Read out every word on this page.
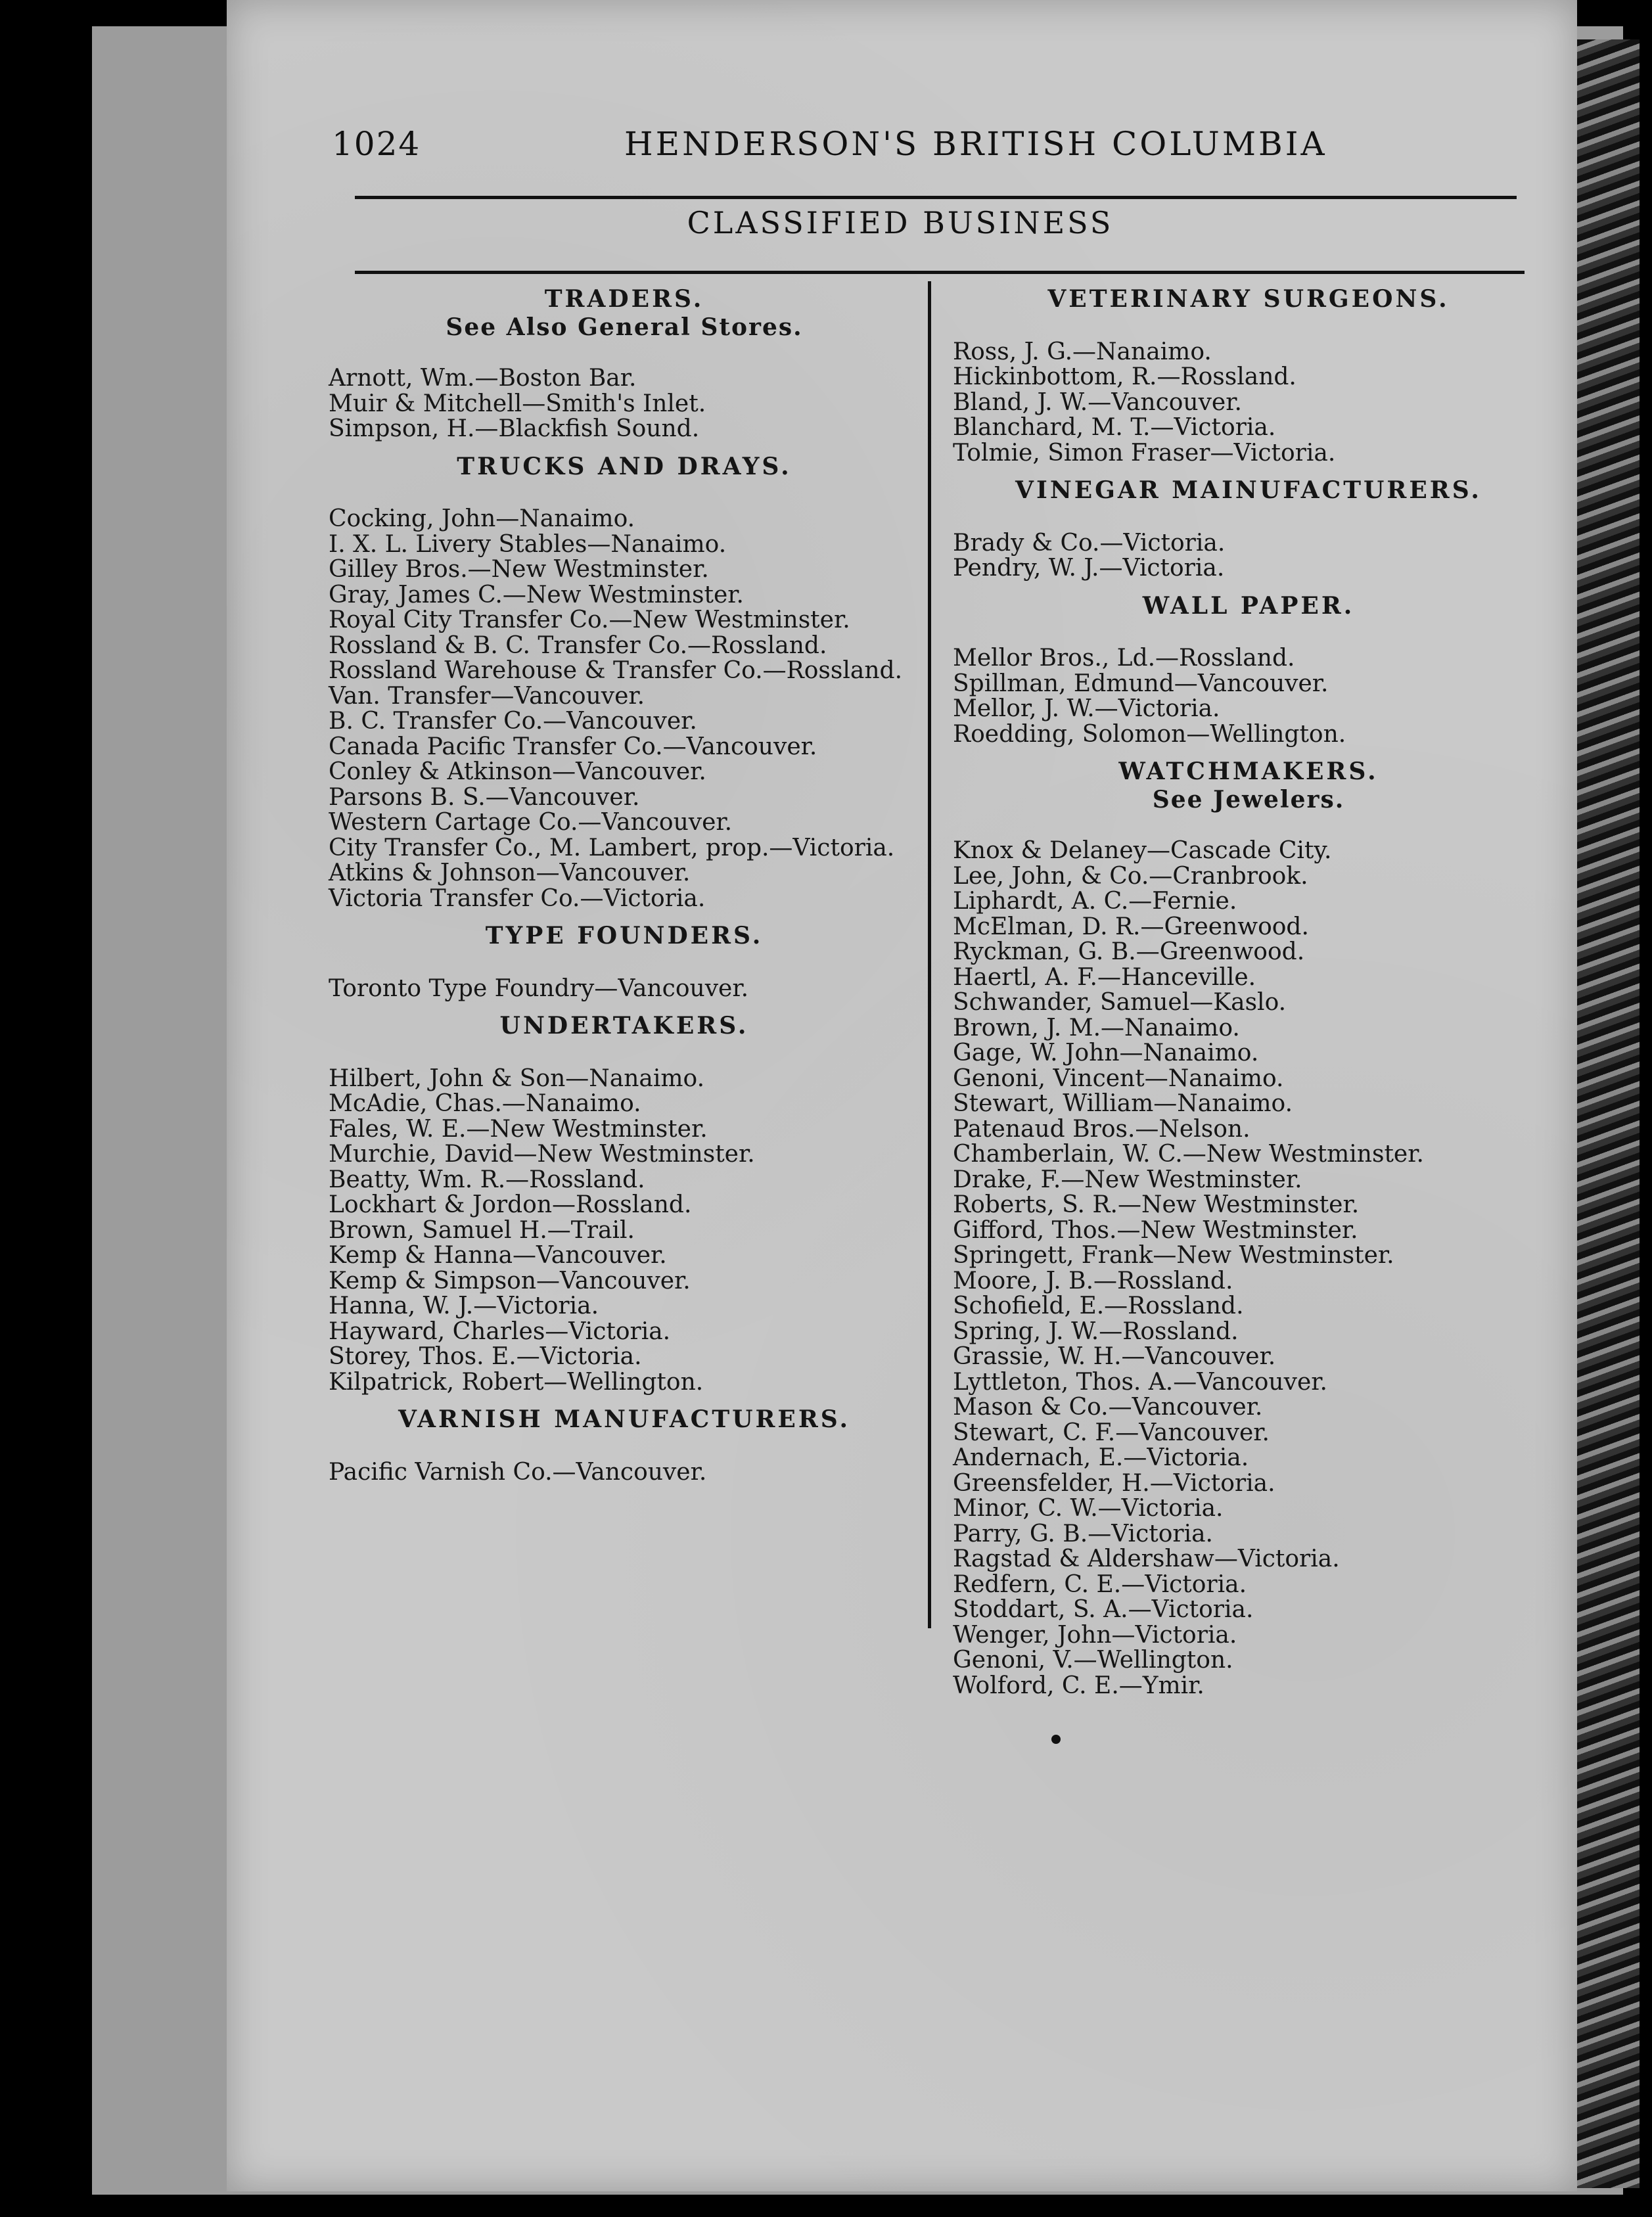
1024	HENDERSON'S BRITISH COLUMBIA
CLASSIFIED BUSINESS
TRADERS.
See Also General Stores.
Arnott, Wm.—Boston Bar.
Muir & Mitchell—Smith's Inlet.
Simpson, H.—Blackfish Sound.
TRUCKS AND DRAYS.
Cocking, John—Nanaimo.
I. X. L. Livery Stables—Nanaimo.
Gilley Bros.—New Westminster.
Gray, James C.—New Westminster.
Royal City Transfer Co.—New Westminster.
Rossland & B. C. Transfer Co.—Rossland.
Rossland Warehouse & Transfer Co.—Rossland.
Van. Transfer—Vancouver.
B. C. Transfer Co.—Vancouver.
Canada Pacific Transfer Co.—Vancouver.
Conley & Atkinson—Vancouver.
Parsons B. S.—Vancouver.
Western Cartage Co.—Vancouver.
City Transfer Co., M. Lambert, prop.—Victoria.
Atkins & Johnson—Vancouver.
Victoria Transfer Co.—Victoria.
TYPE FOUNDERS.
Toronto Type Foundry—Vancouver.
UNDERTAKERS.
Hilbert, John & Son—Nanaimo.
McAdie, Chas.—Nanaimo.
Fales, W. E.—New Westminster.
Murchie, David—New Westminster.
Beatty, Wm. R.—Rossland.
Lockhart & Jordon—Rossland.
Brown, Samuel H.—Trail.
Kemp & Hanna—Vancouver.
Kemp & Simpson—Vancouver.
Hanna, W. J.—Victoria.
Hayward, Charles—Victoria.
Storey, Thos. E.—Victoria.
Kilpatrick, Robert—Wellington.
VARNISH MANUFACTURERS.
Pacific Varnish Co.—Vancouver.
VETERINARY SURGEONS.
Ross, J. G.—Nanaimo.
Hickinbottom, R.—Rossland.
Bland, J. W.—Vancouver.
Blanchard, M. T.—Victoria.
Tolmie, Simon Fraser—Victoria.
VINEGAR MAINUFACTURERS.
Brady & Co.—Victoria.
Pendry, W. J.—Victoria.
WALL PAPER.
Mellor Bros., Ld.—Rossland.
Spillman, Edmund—Vancouver.
Mellor, J. W.—Victoria.
Roedding, Solomon—Wellington.
WATCHMAKERS.
See Jewelers.
Knox & Delaney—Cascade City.
Lee, John, & Co.—Cranbrook.
Liphardt, A. C.—Fernie.
McElman, D. R.—Greenwood.
Ryckman, G. B.—Greenwood.
Haertl, A. F.—Hanceville.
Schwander, Samuel—Kaslo.
Brown, J. M.—Nanaimo.
Gage, W. John—Nanaimo.
Genoni, Vincent—Nanaimo.
Stewart, William—Nanaimo.
Patenaud Bros.—Nelson.
Chamberlain, W. C.—New Westminster.
Drake, F.—New Westminster.
Roberts, S. R.—New Westminster.
Gifford, Thos.—New Westminster.
Springett, Frank—New Westminster.
Moore, J. B.—Rossland.
Schofield, E.—Rossland.
Spring, J. W.—Rossland.
Grassie, W. H.—Vancouver.
Lyttleton, Thos. A.—Vancouver.
Mason & Co.—Vancouver.
Stewart, C. F.—Vancouver.
Andernach, E.—Victoria.
Greensfelder, H.—Victoria.
Minor, C. W.—Victoria.
Parry, G. B.—Victoria.
Ragstad & Aldershaw—Victoria.
Redfern, C. E.—Victoria.
Stoddart, S. A.—Victoria.
Wenger, John—Victoria.
Genoni, V.—Wellington.
Wolford, C. E.—Ymir.
